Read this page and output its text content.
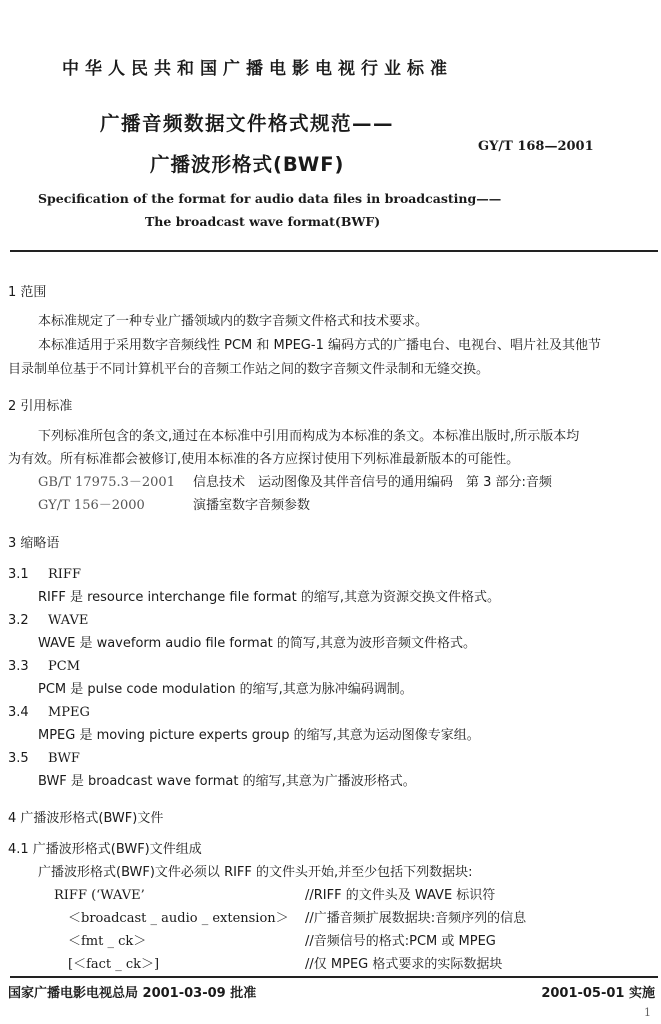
中华人民共和国广播电影电视行业标准
广播音频数据文件格式规范——
广播波形格式(BWF)
GY/T 168—2001
Specification of the format for audio data files in broadcasting——
The broadcast wave format(BWF)
1 范围
本标准规定了一种专业广播领域内的数字音频文件格式和技术要求。
本标准适用于采用数字音频线性 PCM 和 MPEG-1 编码方式的广播电台、电视台、唱片社及其他节
目录制单位基于不同计算机平台的音频工作站之间的数字音频文件录制和无缝交换。
2 引用标准
下列标准所包含的条文,通过在本标准中引用而构成为本标准的条文。本标准出版时,所示版本均
为有效。所有标准都会被修订,使用本标准的各方应探讨使用下列标准最新版本的可能性。
GB/T 17975.3－2001 信息技术　运动图像及其伴音信号的通用编码　第 3 部分:音频
GY/T 156－2000	演播室数字音频参数
3 缩略语
3.1 RIFF
RIFF 是 resource interchange file format 的缩写,其意为资源交换文件格式。
3.2 WAVE
WAVE 是 waveform audio file format 的简写,其意为波形音频文件格式。
3.3 PCM
PCM 是 pulse code modulation 的缩写,其意为脉冲编码调制。
3.4 MPEG
MPEG 是 moving picture experts group 的缩写,其意为运动图像专家组。
3.5 BWF
BWF 是 broadcast wave format 的缩写,其意为广播波形格式。
4 广播波形格式(BWF)文件
4.1 广播波形格式(BWF)文件组成
广播波形格式(BWF)文件必须以 RIFF 的文件头开始,并至少包括下列数据块:
RIFF (‘WAVE’	//RIFF 的文件头及 WAVE 标识符
＜broadcast _ audio _ extension＞ //广播音频扩展数据块:音频序列的信息
＜fmt _ ck＞	//音频信号的格式:PCM 或 MPEG
[＜fact _ ck＞]	//仅 MPEG 格式要求的实际数据块
国家广播电影电视总局 2001-03-09 批准	2001-05-01 实施
1
